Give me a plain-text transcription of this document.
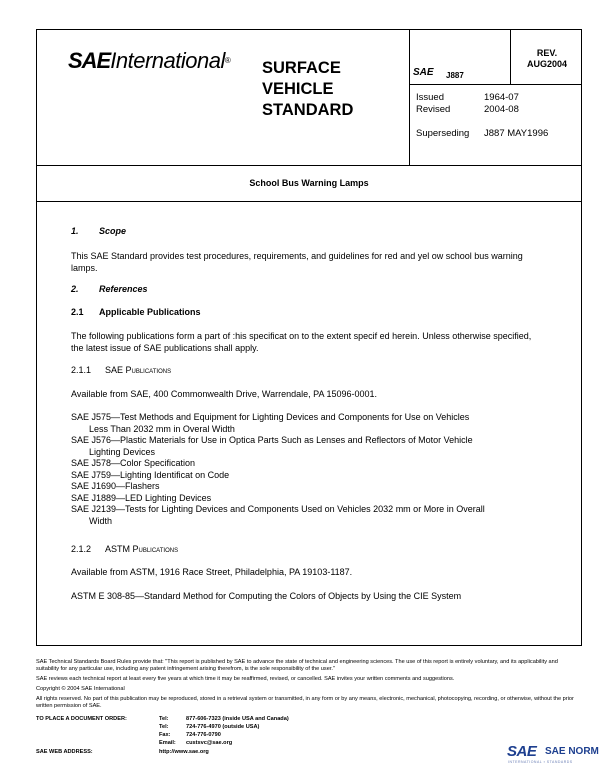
SAEInternational® SURFACE
VEHICLE
STANDARD
SAE J887
REV.
AUG2004
Issued	1964-07
Revised	2004-08
Superseding J887 MAY1996
School Bus Warning Lamps
1. Scope
This SAE Standard provides test procedures, requirements, and guidelines for red and yel ow school bus warning lamps.
2. References
2.1 Applicable Publications
The following publications form a part of :his specificat on to the extent specif ed herein. Unless otherwise specified, the latest issue of SAE publications shall apply.
2.1.1 SAE Publications
Available from SAE, 400 Commonwealth Drive, Warrendale, PA 15096-0001.
SAE J575—Test Methods and Equipment for Lighting Devices and Components for Use on Vehicles
Less Than 2032 mm in Overal Width
SAE J576—Plastic Materials for Use in Optica Parts Such as Lenses and Reflectors of Motor Vehicle
Lighting Devices
SAE J578—Color Specification
SAE J759—Lighting Identificat on Code
SAE J1690—Flashers
SAE J1889—LED Lighting Devices
SAE J2139—Tests for Lighting Devices and Components Used on Vehicles 2032 mm or More in Overall
Width
2.1.2 ASTM Publications
Available from ASTM, 1916 Race Street, Philadelphia, PA 19103-1187.
ASTM E 308-85—Standard Method for Computing the Colors of Objects by Using the CIE System
SAE Technical Standards Board Rules provide that: "This report is published by SAE to advance the state of technical and engineering sciences. The use of this report is entirely voluntary, and its applicability and suitability for any particular use, including any patent infringement arising therefrom, is the sole responsibility of the user."
SAE reviews each technical report at least every five years at which time it may be reaffirmed, revised, or cancelled. SAE invites your written comments and suggestions.
Copyright © 2004 SAE International
All rights reserved. No part of this publication may be reproduced, stored in a retrieval system or transmitted, in any form or by any means, electronic, mechanical, photocopying, recording, or otherwise, without the prior written permission of SAE.
TO PLACE A DOCUMENT ORDER:	Tel:	877-606-7323 (inside USA and Canada)
Tel:	724-776-4970 (outside USA)
Fax:	724-776-0790
Email: custsvc@sae.org
SAE WEB ADDRESS:	http://www.sae.org	SAE SAE NORM
INTERNATIONAL ▪ STANDARDS
